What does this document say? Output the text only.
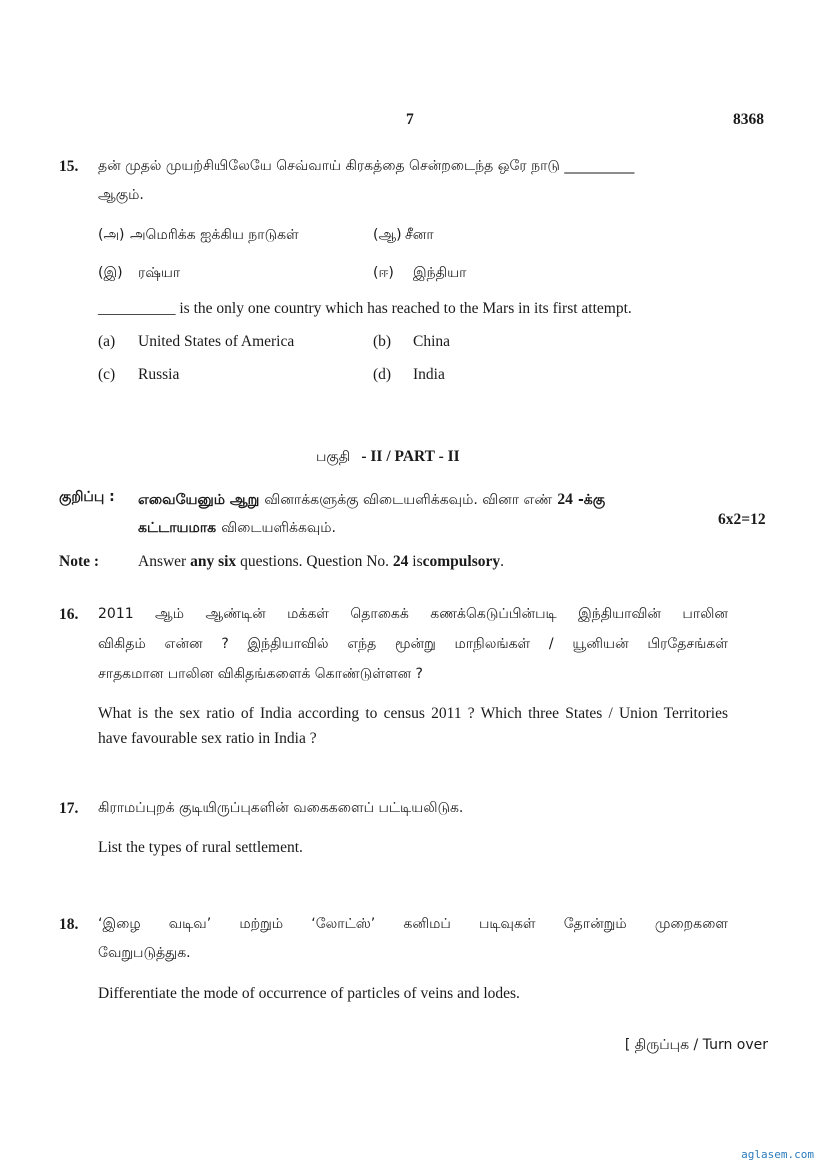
7	8368
15. தன் முதல் முயற்சியிலேயே செவ்வாய் கிரகத்தை சென்றடைந்த ஒரே நாடு __________
ஆகும்.
(அ) அமெரிக்க ஐக்கிய நாடுகள்	(ஆ) சீனா
(இ) ரஷ்யா	(ஈ) இந்தியா
__________ is the only one country which has reached to the Mars in its first attempt.
(a) United States of America	(b) China
(c) Russia	(d) India
பகுதி - II / PART - II
குறிப்பு : எவையேனும் ஆறு வினாக்களுக்கு விடையளிக்கவும். வினா எண் 24 -க்கு
கட்டாயமாக விடையளிக்கவும்.	6x2=12
Note :	Answer any six questions. Question No. 24 iscompulsory.
16. 2011 ஆம் ஆண்டின் மக்கள் தொகைக் கணக்கெடுப்பின்படி இந்தியாவின் பாலின
விகிதம் என்ன ? இந்தியாவில் எந்த மூன்று மாநிலங்கள் / யூனியன் பிரதேசங்கள்
சாதகமான பாலின விகிதங்களைக் கொண்டுள்ளன ?
What is the sex ratio of India according to census 2011 ? Which three States / Union Territories
have favourable sex ratio in India ?
17. கிராமப்புறக் குடியிருப்புகளின் வகைகளைப் பட்டியலிடுக.
List the types of rural settlement.
18. ‘இழை வடிவ’ மற்றும் ‘லோட்ஸ்’ கனிமப் படிவுகள் தோன்றும் முறைகளை
வேறுபடுத்துக.
Differentiate the mode of occurrence of particles of veins and lodes.
[ திருப்புக / Turn over
aglasem.com
